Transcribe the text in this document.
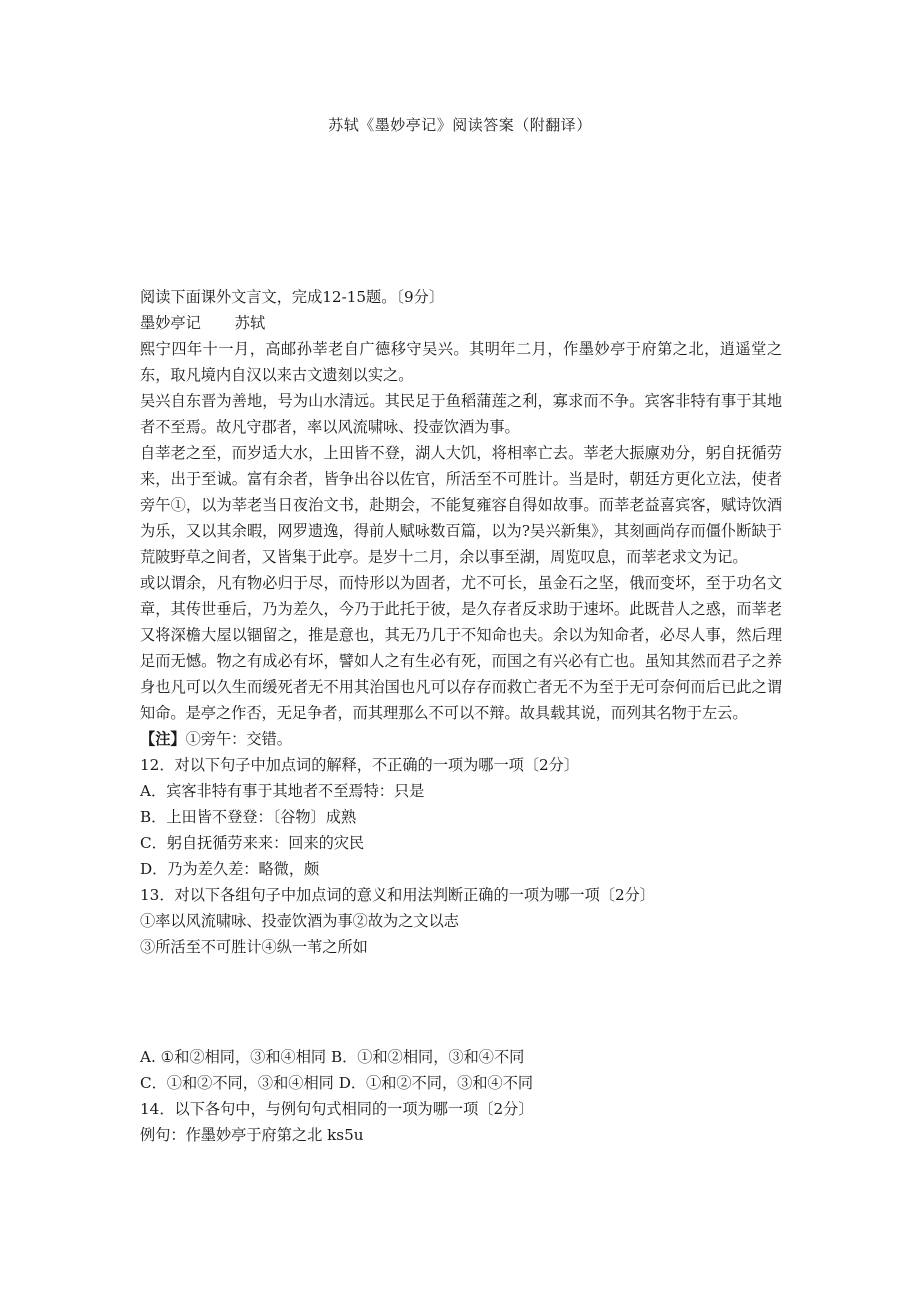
苏轼《墨妙亭记》阅读答案（附翻译）

阅读下面课外文言文，完成12-15题。〔9分〕

墨妙亭记 苏轼

熙宁四年十一月，高邮孙莘老自广德移守吴兴。其明年二月，作墨妙亭于府第之北，逍遥堂之东，取凡境内自汉以来古文遗刻以实之。

吴兴自东晋为善地，号为山水清远。其民足于鱼稻蒲莲之利，寡求而不争。宾客非特有事于其地者不至焉。故凡守郡者，率以风流啸咏、投壶饮酒为事。

自莘老之至，而岁适大水，上田皆不登，湖人大饥，将相率亡去。莘老大振廪劝分，躬自抚循劳来，出于至诚。富有余者，皆争出谷以佐官，所活至不可胜计。当是时，朝廷方更化立法，使者旁午①，以为莘老当日夜治文书，赴期会，不能复雍容自得如故事。而莘老益喜宾客，赋诗饮酒为乐，又以其余暇，网罗遗逸，得前人赋咏数百篇，以为?吴兴新集》，其刻画尚存而僵仆断缺于荒陂野草之间者，又皆集于此亭。是岁十二月，余以事至湖，周览叹息，而莘老求文为记。

或以谓余，凡有物必归于尽，而恃形以为固者，尤不可长，虽金石之坚，俄而变坏，至于功名文章，其传世垂后，乃为差久，今乃于此托于彼，是久存者反求助于速坏。此既昔人之惑，而莘老又将深檐大屋以锢留之，推是意也，其无乃几于不知命也夫。余以为知命者，必尽人事，然后理足而无憾。物之有成必有坏，譬如人之有生必有死，而国之有兴必有亡也。虽知其然而君子之养身也凡可以久生而缓死者无不用其治国也凡可以存存而救亡者无不为至于无可奈何而后已此之谓知命。是亭之作否，无足争者，而其理那么不可以不辩。故具载其说，而列其名物于左云。

【注】①旁午：交错。

12．对以下句子中加点词的解释，不正确的一项为哪一项〔2分〕

A．宾客非特有事于其地者不至焉特：只是

B．上田皆不登登：〔谷物〕成熟

C．躬自抚循劳来来：回来的灾民

D．乃为差久差：略微，颇

13．对以下各组句子中加点词的意义和用法判断正确的一项为哪一项〔2分〕

①率以风流啸咏、投壶饮酒为事②故为之文以志

③所活至不可胜计④纵一苇之所如

A. ①和②相同，③和④相同 B．①和②相同，③和④不同

C．①和②不同，③和④相同 D．①和②不同，③和④不同

14．以下各句中，与例句句式相同的一项为哪一项〔2分〕

例句：作墨妙亭于府第之北 ks5u
